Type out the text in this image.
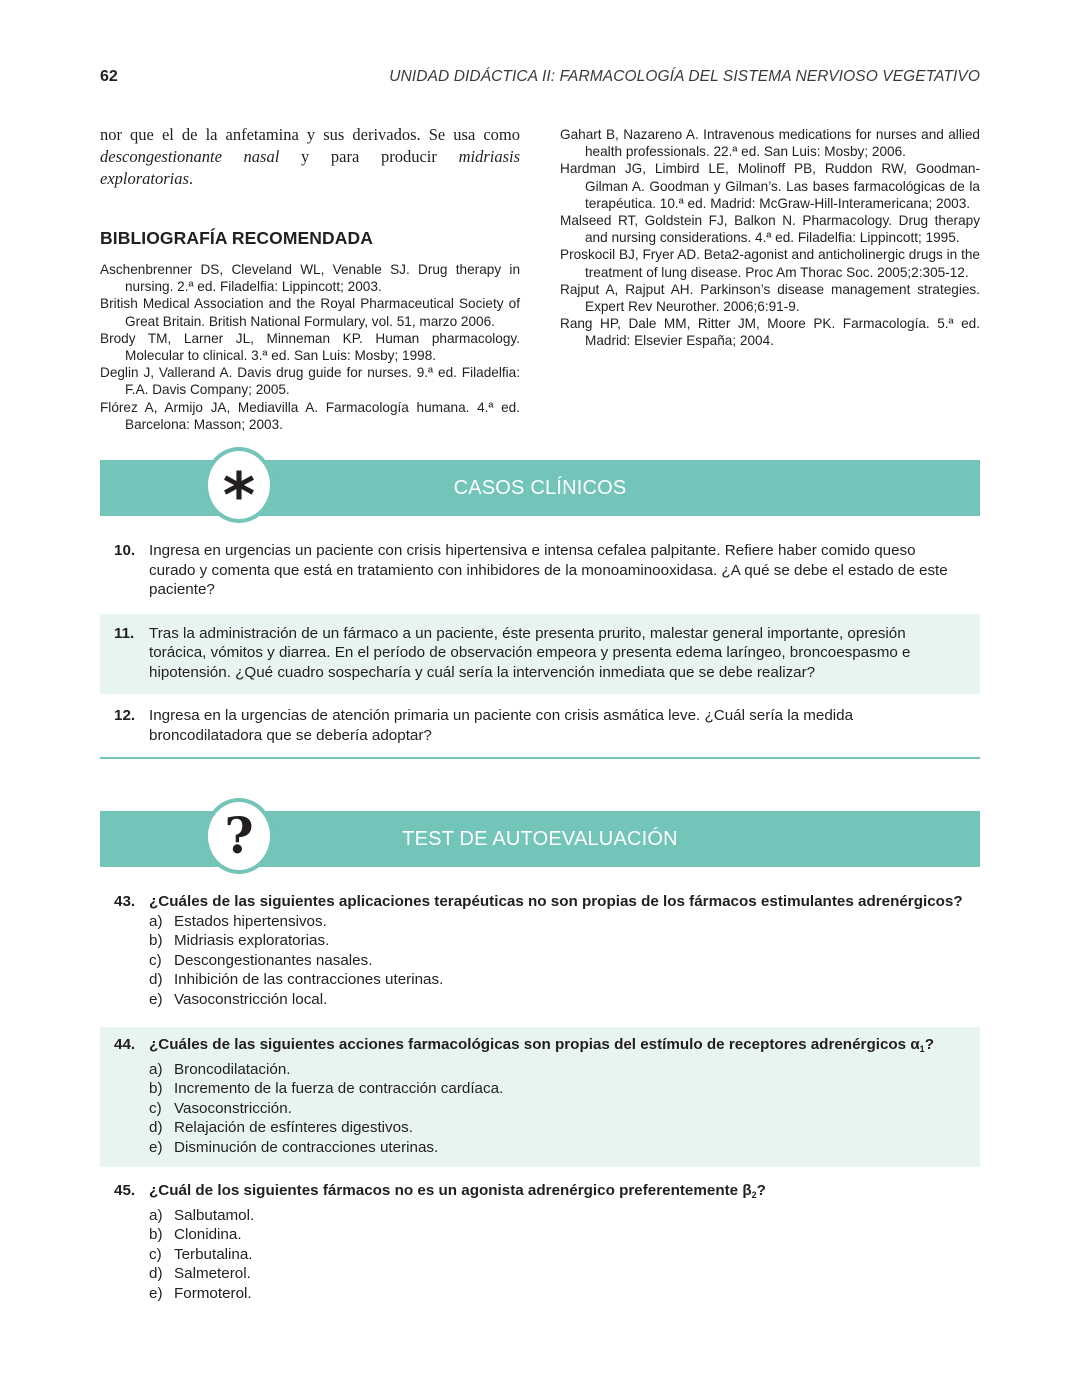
62	UNIDAD DIDÁCTICA II: FARMACOLOGÍA DEL SISTEMA NERVIOSO VEGETATIVO

nor que el de la anfetamina y sus derivados. Se usa como descongestionante nasal y para producir midriasis exploratorias.

BIBLIOGRAFÍA RECOMENDADA
Aschenbrenner DS, Cleveland WL, Venable SJ. Drug therapy in nursing. 2.ª ed. Filadelfia: Lippincott; 2003.
British Medical Association and the Royal Pharmaceutical Society of Great Britain. British National Formulary, vol. 51, marzo 2006.
Brody TM, Larner JL, Minneman KP. Human pharmacology. Molecular to clinical. 3.ª ed. San Luis: Mosby; 1998.
Deglin J, Vallerand A. Davis drug guide for nurses. 9.ª ed. Filadelfia: F.A. Davis Company; 2005.
Flórez A, Armijo JA, Mediavilla A. Farmacología humana. 4.ª ed. Barcelona: Masson; 2003.
Gahart B, Nazareno A. Intravenous medications for nurses and allied health professionals. 22.ª ed. San Luis: Mosby; 2006.
Hardman JG, Limbird LE, Molinoff PB, Ruddon RW, Goodman-Gilman A. Goodman y Gilman’s. Las bases farmacológicas de la terapéutica. 10.ª ed. Madrid: McGraw-Hill-Interamericana; 2003.
Malseed RT, Goldstein FJ, Balkon N. Pharmacology. Drug therapy and nursing considerations. 4.ª ed. Filadelfia: Lippincott; 1995.
Proskocil BJ, Fryer AD. Beta2-agonist and anticholinergic drugs in the treatment of lung disease. Proc Am Thorac Soc. 2005;2:305-12.
Rajput A, Rajput AH. Parkinson’s disease management strategies. Expert Rev Neurother. 2006;6:91-9.
Rang HP, Dale MM, Ritter JM, Moore PK. Farmacología. 5.ª ed. Madrid: Elsevier España; 2004.
*	CASOS CLÍNICOS
10. Ingresa en urgencias un paciente con crisis hipertensiva e intensa cefalea palpitante. Refiere haber comido queso curado y comenta que está en tratamiento con inhibidores de la monoaminooxidasa. ¿A qué se debe el estado de este paciente?
11. Tras la administración de un fármaco a un paciente, éste presenta prurito, malestar general importante, opresión torácica, vómitos y diarrea. En el período de observación empeora y presenta edema laríngeo, broncoespasmo e hipotensión. ¿Qué cuadro sospecharía y cuál sería la intervención inmediata que se debe realizar?
12. Ingresa en la urgencias de atención primaria un paciente con crisis asmática leve. ¿Cuál sería la medida broncodilatadora que se debería adoptar?
?	TEST DE AUTOEVALUACIÓN
43. ¿Cuáles de las siguientes aplicaciones terapéuticas no son propias de los fármacos estimulantes adrenérgicos?
a) Estados hipertensivos.
b) Midriasis exploratorias.
c) Descongestionantes nasales.
d) Inhibición de las contracciones uterinas.
e) Vasoconstricción local.
44. ¿Cuáles de las siguientes acciones farmacológicas son propias del estímulo de receptores adrenérgicos $\alpha_1$?
a) Broncodilatación.
b) Incremento de la fuerza de contracción cardíaca.
c) Vasoconstricción.
d) Relajación de esfínteres digestivos.
e) Disminución de contracciones uterinas.
45. ¿Cuál de los siguientes fármacos no es un agonista adrenérgico preferentemente $\beta_2$?
a) Salbutamol.
b) Clonidina.
c) Terbutalina.
d) Salmeterol.
e) Formoterol.
